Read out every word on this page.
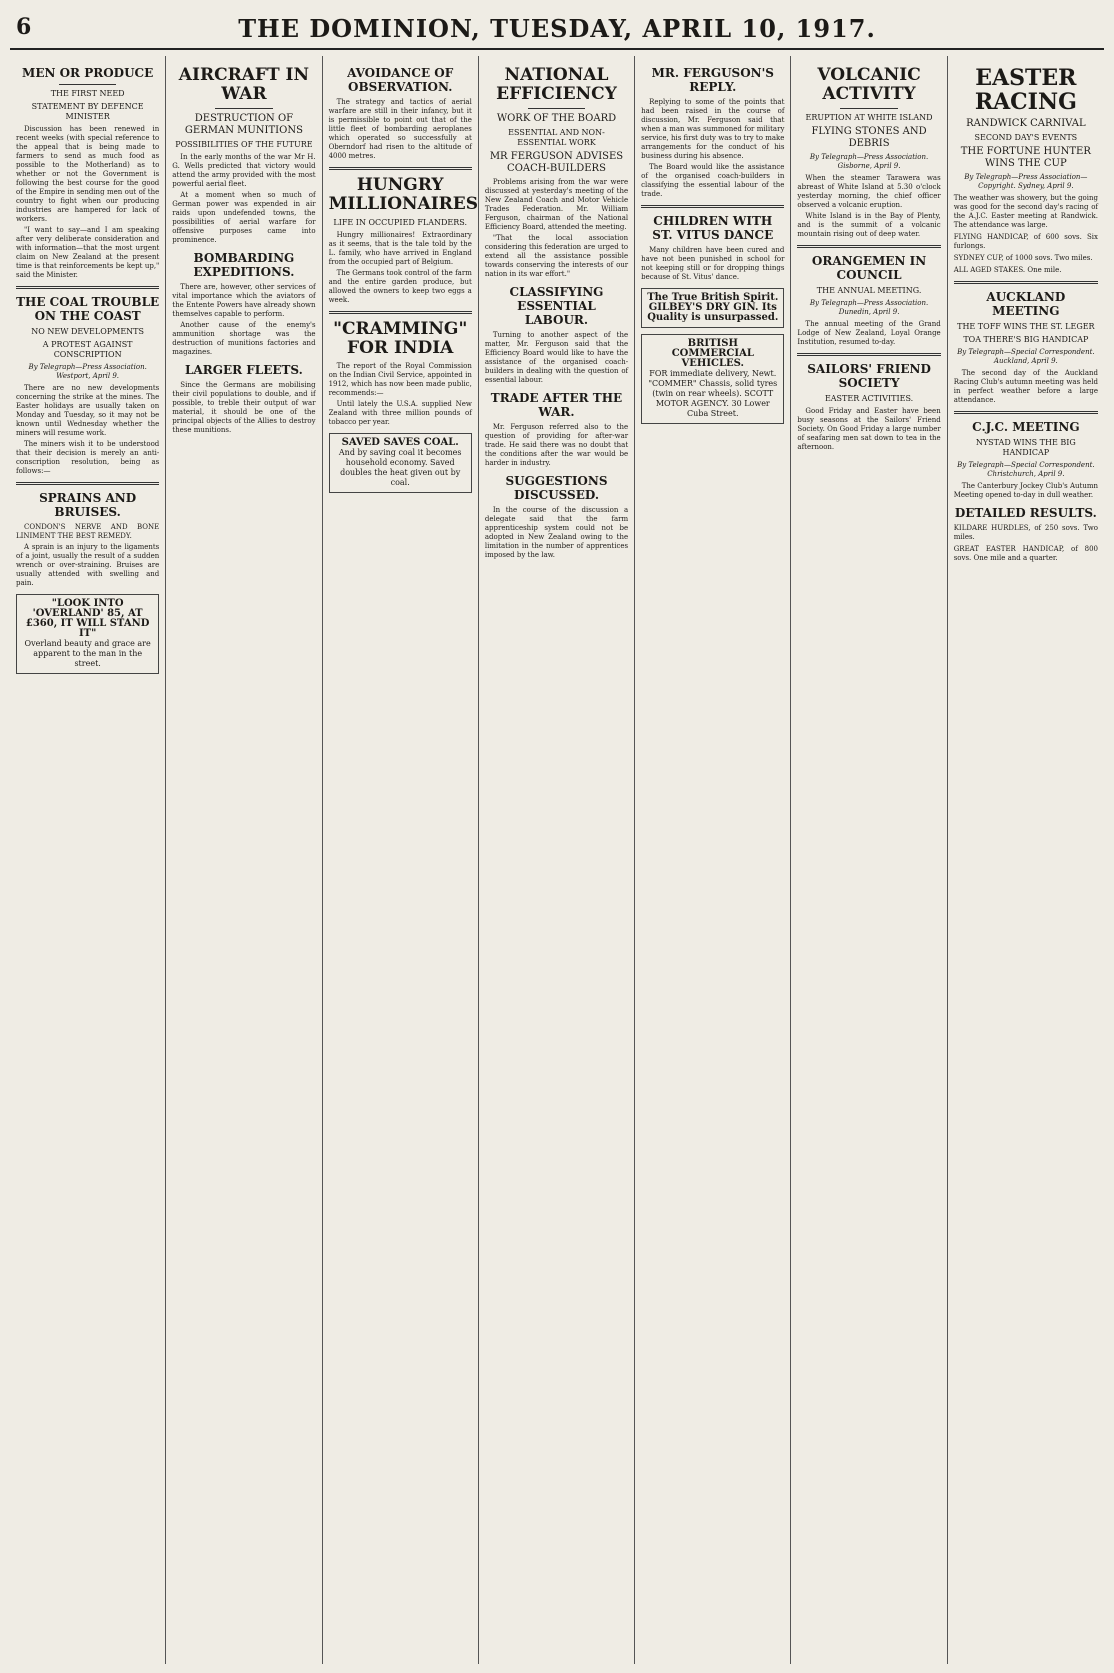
6	THE DOMINION, TUESDAY, APRIL 10, 1917.
MEN OR PRODUCE
THE FIRST NEED
STATEMENT BY DEFENCE MINISTER

Discussion has been renewed in recent weeks (with special reference to the appeal that is being made to farmers to send as much food as possible to the Motherland) as to whether or not the Government is following the best course for the good of the Empire in sending men out of the country to fight when our producing industries are hampered for lack of workers.

"I want to say—and I am speaking after very deliberate consideration and with information—that the most urgent claim on New Zealand at the present time is that reinforcements be kept up," said the Minister.

THE COAL TROUBLE ON THE COAST
NO NEW DEVELOPMENTS
A PROTEST AGAINST CONSCRIPTION
By Telegraph—Press Association. Westport, April 9.

There are no new developments concerning the strike at the mines. The Easter holidays are usually taken on Monday and Tuesday, so it may not be known until Wednesday whether the miners will resume work.

The miners wish it to be understood that their decision is merely an anti-conscription resolution, being as follows:—

SPRAINS AND BRUISES.

CONDON'S NERVE AND BONE LINIMENT THE BEST REMEDY.

A sprain is an injury to the ligaments of a joint, usually the result of a sudden wrench or over-straining. Bruises are usually attended with swelling and pain.

"LOOK INTO 'OVERLAND' 85, AT £360, IT WILL STAND IT"
Overland beauty and grace are apparent to the man in the street.
AIRCRAFT IN WAR
DESTRUCTION OF GERMAN MUNITIONS
POSSIBILITIES OF THE FUTURE

In the early months of the war Mr H. G. Wells predicted that victory would attend the army provided with the most powerful aerial fleet.

At a moment when so much of German power was expended in air raids upon undefended towns, the possibilities of aerial warfare for offensive purposes came into prominence.

BOMBARDING EXPEDITIONS.

There are, however, other services of vital importance which the aviators of the Entente Powers have already shown themselves capable to perform.

Another cause of the enemy's ammunition shortage was the destruction of munitions factories and magazines.

LARGER FLEETS.

Since the Germans are mobilising their civil populations to double, and if possible, to treble their output of war material, it should be one of the principal objects of the Allies to destroy these munitions.

AVOIDANCE OF OBSERVATION.

The strategy and tactics of aerial warfare are still in their infancy, but it is permissible to point out that of the little fleet of bombarding aeroplanes which operated so successfully at Oberndorf had risen to the altitude of 4000 metres.

HUNGRY MILLIONAIRES
LIFE IN OCCUPIED FLANDERS.

Hungry millionaires! Extraordinary as it seems, that is the tale told by the L. family, who have arrived in England from the occupied part of Belgium.

The Germans took control of the farm and the entire garden produce, but allowed the owners to keep two eggs a week.

"CRAMMING" FOR INDIA

The report of the Royal Commission on the Indian Civil Service, appointed in 1912, which has now been made public, recommends:—

Until lately the U.S.A. supplied New Zealand with three million pounds of tobacco per year.

SAVED SAVES COAL.
And by saving coal it becomes household economy. Saved doubles the heat given out by coal.
NATIONAL EFFICIENCY
WORK OF THE BOARD
ESSENTIAL AND NON-ESSENTIAL WORK
MR FERGUSON ADVISES COACH-BUILDERS

Problems arising from the war were discussed at yesterday's meeting of the New Zealand Coach and Motor Vehicle Trades Federation. Mr. William Ferguson, chairman of the National Efficiency Board, attended the meeting.

"That the local association considering this federation are urged to extend all the assistance possible towards conserving the interests of our nation in its war effort."

CLASSIFYING ESSENTIAL LABOUR.

Turning to another aspect of the matter, Mr. Ferguson said that the Efficiency Board would like to have the assistance of the organised coach-builders in dealing with the question of essential labour.

TRADE AFTER THE WAR.

Mr. Ferguson referred also to the question of providing for after-war trade. He said there was no doubt that the conditions after the war would be harder in industry.

SUGGESTIONS DISCUSSED.

In the course of the discussion a delegate said that the farm apprenticeship system could not be adopted in New Zealand owing to the limitation in the number of apprentices imposed by the law.

MR. FERGUSON'S REPLY.

Replying to some of the points that had been raised in the course of discussion, Mr. Ferguson said that when a man was summoned for military service, his first duty was to try to make arrangements for the conduct of his business during his absence.

The Board would like the assistance of the organised coach-builders in classifying the essential labour of the trade.

CHILDREN WITH ST. VITUS DANCE

Many children have been cured and have not been punished in school for not keeping still or for dropping things because of St. Vitus' dance.

The True British Spirit.
GILBEY'S DRY GIN. Its Quality is unsurpassed.
BRITISH COMMERCIAL VEHICLES.
FOR immediate delivery, Newt. "COMMER" Chassis, solid tyres (twin on rear wheels). SCOTT MOTOR AGENCY. 30 Lower Cuba Street.
VOLCANIC ACTIVITY
ERUPTION AT WHITE ISLAND
FLYING STONES AND DEBRIS
By Telegraph—Press Association. Gisborne, April 9.

When the steamer Tarawera was abreast of White Island at 5.30 o'clock yesterday morning, the chief officer observed a volcanic eruption.

White Island is in the Bay of Plenty, and is the summit of a volcanic mountain rising out of deep water.

ORANGEMEN IN COUNCIL
THE ANNUAL MEETING.
By Telegraph—Press Association. Dunedin, April 9.

The annual meeting of the Grand Lodge of New Zealand, Loyal Orange Institution, resumed to-day.

SAILORS' FRIEND SOCIETY
EASTER ACTIVITIES.

Good Friday and Easter have been busy seasons at the Sailors' Friend Society. On Good Friday a large number of seafaring men sat down to tea in the afternoon.

EASTER RACING
RANDWICK CARNIVAL
SECOND DAY'S EVENTS
THE FORTUNE HUNTER WINS THE CUP
By Telegraph—Press Association—Copyright. Sydney, April 9.

The weather was showery, but the going was good for the second day's racing of the A.J.C. Easter meeting at Randwick. The attendance was large.

FLYING HANDICAP, of 600 sovs. Six furlongs.

SYDNEY CUP, of 1000 sovs. Two miles.

ALL AGED STAKES. One mile.

AUCKLAND MEETING
THE TOFF WINS THE ST. LEGER
TOA THERE'S BIG HANDICAP
By Telegraph—Special Correspondent. Auckland, April 9.

The second day of the Auckland Racing Club's autumn meeting was held in perfect weather before a large attendance.

C.J.C. MEETING
NYSTAD WINS THE BIG HANDICAP
By Telegraph—Special Correspondent. Christchurch, April 9.

The Canterbury Jockey Club's Autumn Meeting opened to-day in dull weather.

DETAILED RESULTS.

KILDARE HURDLES, of 250 sovs. Two miles.

GREAT EASTER HANDICAP, of 800 sovs. One mile and a quarter.
